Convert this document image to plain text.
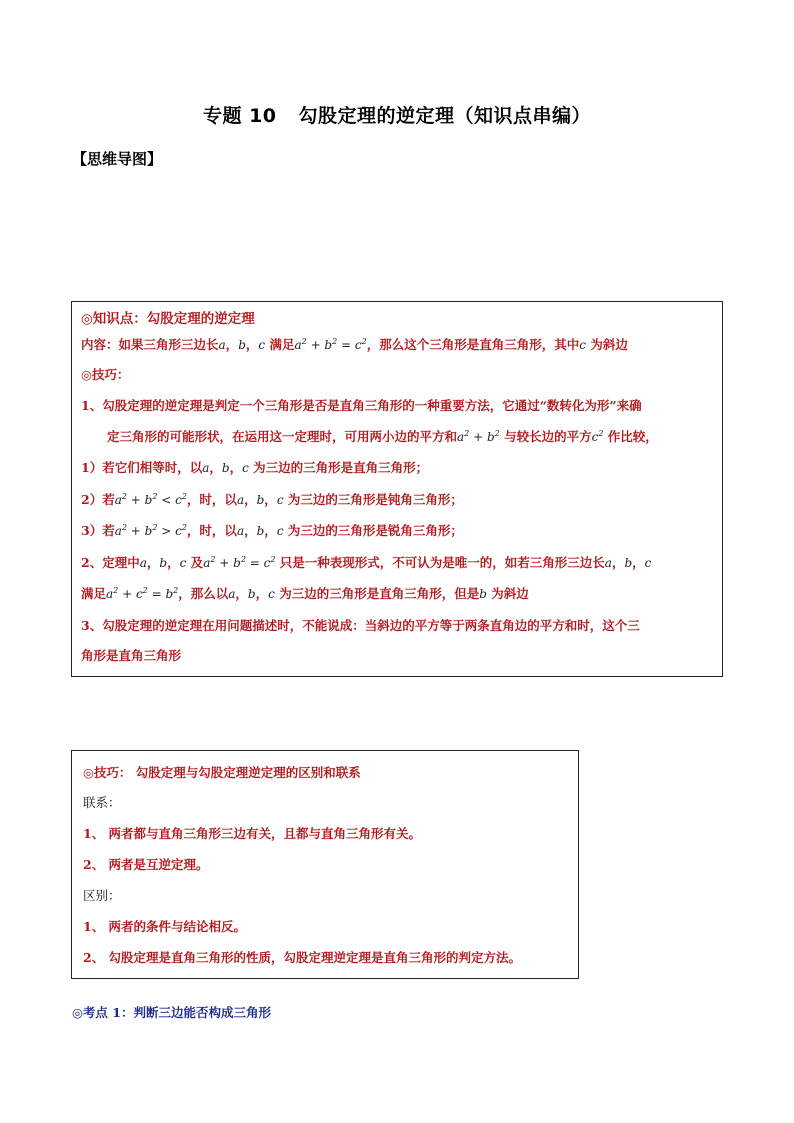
专题 10 勾股定理的逆定理（知识点串编）
【思维导图】
◎知识点：勾股定理的逆定理
内容：如果三角形三边长a，b，c 满足$a^2 + b^2 = c^2$，那么这个三角形是直角三角形，其中c 为斜边
◎技巧：
1、勾股定理的逆定理是判定一个三角形是否是直角三角形的一种重要方法，它通过“数转化为形”来确
定三角形的可能形状，在运用这一定理时，可用两小边的平方和$a^2 + b^2$ 与较长边的平方$c^2$ 作比较，
1）若它们相等时，以a，b，c 为三边的三角形是直角三角形；
2）若$a^2 + b^2 < c^2$，时，以a，b，c 为三边的三角形是钝角三角形；
3）若$a^2 + b^2 > c^2$，时，以a，b，c 为三边的三角形是锐角三角形；
2、定理中a，b，c 及$a^2 + b^2 = c^2$ 只是一种表现形式，不可认为是唯一的，如若三角形三边长a，b，c
满足$a^2 + c^2 = b^2$，那么以a，b，c 为三边的三角形是直角三角形，但是b 为斜边
3、勾股定理的逆定理在用问题描述时，不能说成：当斜边的平方等于两条直角边的平方和时，这个三
角形是直角三角形
◎技巧： 勾股定理与勾股定理逆定理的区别和联系
联系：
1、 两者都与直角三角形三边有关，且都与直角三角形有关。
2、 两者是互逆定理。
区别：
1、 两者的条件与结论相反。
2、 勾股定理是直角三角形的性质，勾股定理逆定理是直角三角形的判定方法。
◎考点 1：判断三边能否构成三角形
